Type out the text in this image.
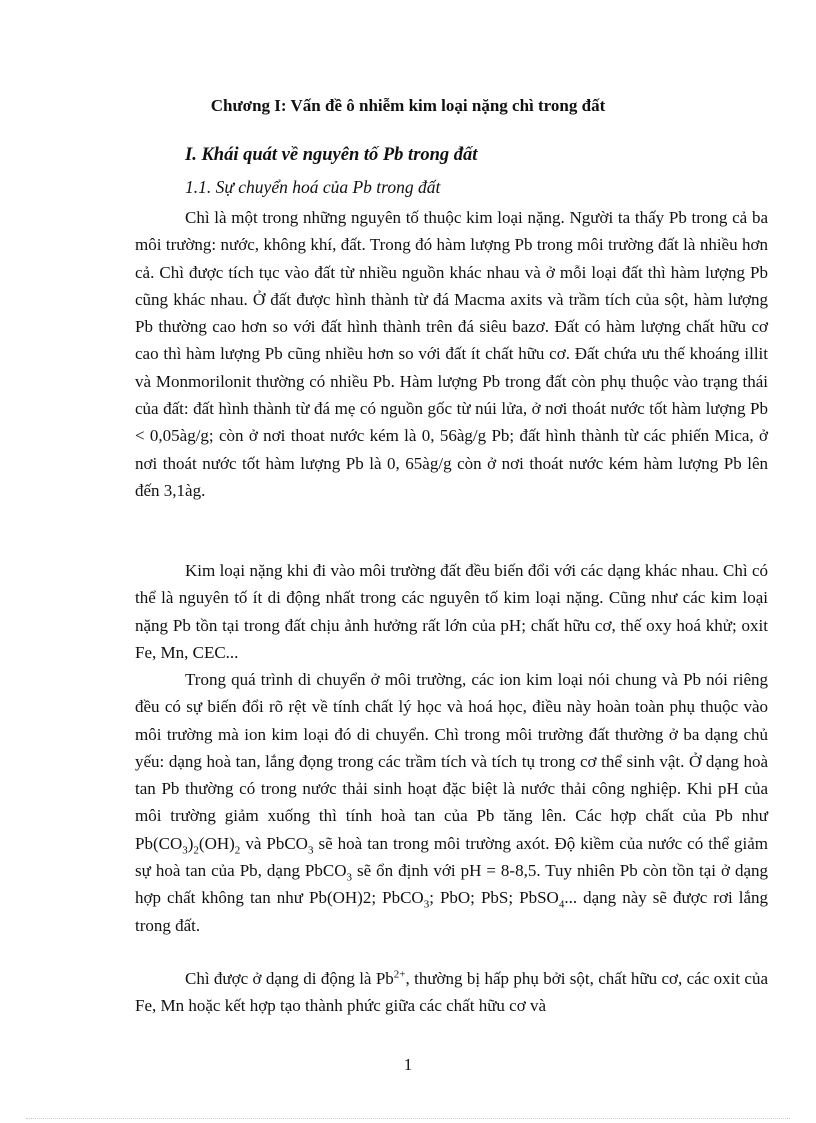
Chương I: Vấn đề ô nhiễm kim loại nặng chì trong đất

I. Khái quát về nguyên tố Pb trong đất

1.1. Sự chuyển hoá của Pb trong đất

Chì là một trong những nguyên tố thuộc kim loại nặng. Người ta thấy Pb trong cả ba môi trường: nước, không khí, đất. Trong đó hàm lượng Pb trong môi trường đất là nhiều hơn cả. Chì được tích tục vào đất từ nhiều nguồn khác nhau và ở mỗi loại đất thì hàm lượng Pb cũng khác nhau. Ở đất được hình thành từ đá Macma axits và trầm tích của sột, hàm lượng Pb thường cao hơn so với đất hình thành trên đá siêu bazơ. Đất có hàm lượng chất hữu cơ cao thì hàm lượng Pb cũng nhiều hơn so với đất ít chất hữu cơ. Đất chứa ưu thế khoáng illit và Monmorilonit thường có nhiều Pb. Hàm lượng Pb trong đất còn phụ thuộc vào trạng thái của đất: đất hình thành từ đá mẹ có nguồn gốc từ núi lửa, ở nơi thoát nước tốt hàm lượng Pb < 0,05àg/g; còn ở nơi thoat nước kém là 0, 56àg/g Pb; đất hình thành từ các phiến Mica, ở nơi thoát nước tốt hàm lượng Pb là 0, 65àg/g còn ở nơi thoát nước kém hàm lượng Pb lên đến 3,1àg.

Kim loại nặng khi đi vào môi trường đất đều biến đổi với các dạng khác nhau. Chì có thể là nguyên tố ít di động nhất trong các nguyên tố kim loại nặng. Cũng như các kim loại nặng Pb tồn tại trong đất chịu ảnh hưởng rất lớn của pH; chất hữu cơ, thế oxy hoá khử; oxit Fe, Mn, CEC...

Trong quá trình di chuyển ở môi trường, các ion kim loại nói chung và Pb nói riêng đều có sự biến đổi rõ rệt về tính chất lý học và hoá học, điều này hoàn toàn phụ thuộc vào môi trường mà ion kim loại đó di chuyển. Chì trong môi trường đất thường ở ba dạng chủ yếu: dạng hoà tan, lắng đọng trong các trầm tích và tích tụ trong cơ thể sinh vật. Ở dạng hoà tan Pb thường có trong nước thải sinh hoạt đặc biệt là nước thải công nghiệp. Khi pH của môi trường giảm xuống thì tính hoà tan của Pb tăng lên. Các hợp chất của Pb như $Pb(CO_3)_2(OH)_2$ và PbCO$_3$ sẽ hoà tan trong môi trường axót. Độ kiềm của nước có thể giảm sự hoà tan của Pb, dạng PbCO$_3$ sẽ ổn định với pH = 8-8,5. Tuy nhiên Pb còn tồn tại ở dạng hợp chất không tan như Pb(OH)2; PbCO$_3$; PbO; PbS; PbSO$_4$... dạng này sẽ được rơi lắng trong đất.

Chì được ở dạng di động là $Pb^{2+}$, thường bị hấp phụ bởi sột, chất hữu cơ, các oxit của Fe, Mn hoặc kết hợp tạo thành phức giữa các chất hữu cơ và

1
